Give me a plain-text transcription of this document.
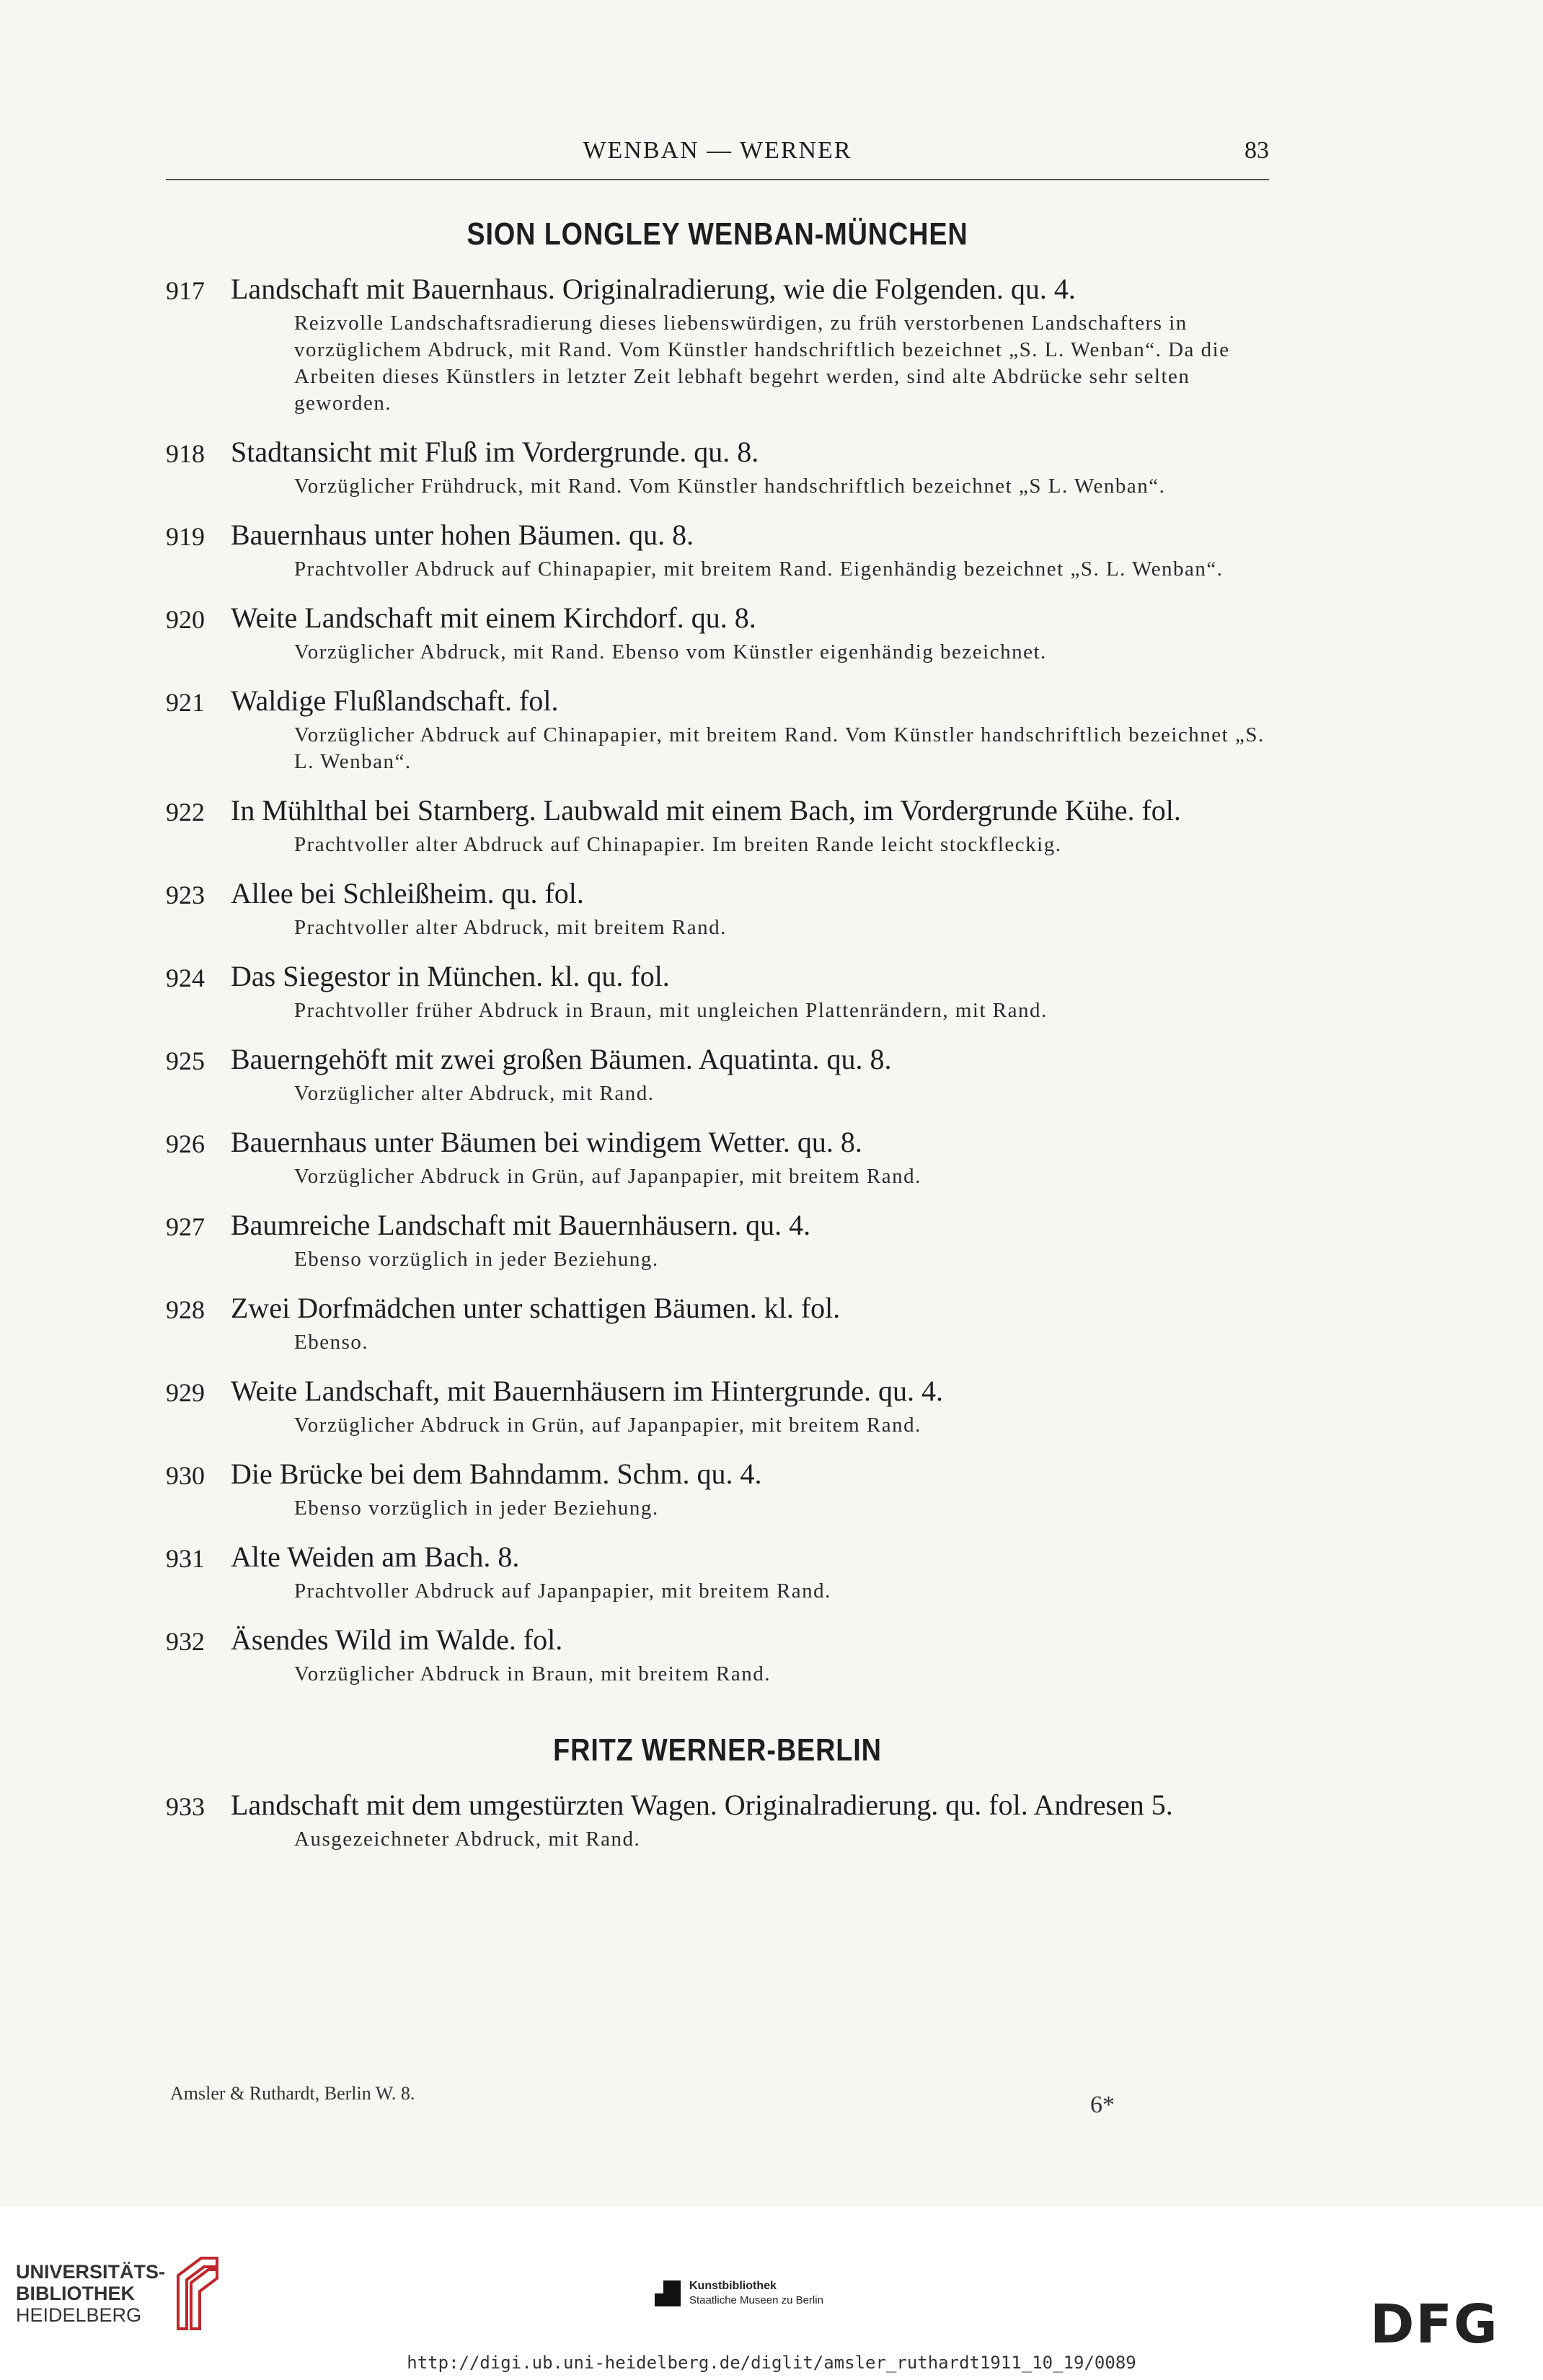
WENBAN — WERNER	83
SION LONGLEY WENBAN-MÜNCHEN
917 Landschaft mit Bauernhaus. Originalradierung, wie die Folgenden. qu. 4.
Reizvolle Landschaftsradierung dieses liebenswürdigen, zu früh verstorbenen Landschafters in vorzüglichem Abdruck, mit Rand. Vom Künstler handschriftlich bezeichnet „S. L. Wenban“. Da die Arbeiten dieses Künstlers in letzter Zeit lebhaft begehrt werden, sind alte Abdrücke sehr selten geworden.
918 Stadtansicht mit Fluß im Vordergrunde. qu. 8.
Vorzüglicher Frühdruck, mit Rand. Vom Künstler handschriftlich bezeichnet „S L. Wenban“.
919 Bauernhaus unter hohen Bäumen. qu. 8.
Prachtvoller Abdruck auf Chinapapier, mit breitem Rand. Eigenhändig bezeichnet „S. L. Wenban“.
920 Weite Landschaft mit einem Kirchdorf. qu. 8.
Vorzüglicher Abdruck, mit Rand. Ebenso vom Künstler eigenhändig bezeichnet.
921 Waldige Flußlandschaft. fol.
Vorzüglicher Abdruck auf Chinapapier, mit breitem Rand. Vom Künstler handschriftlich bezeichnet „S. L. Wenban“.
922 In Mühlthal bei Starnberg. Laubwald mit einem Bach, im Vordergrunde Kühe. fol.
Prachtvoller alter Abdruck auf Chinapapier. Im breiten Rande leicht stockfleckig.
923 Allee bei Schleißheim. qu. fol.
Prachtvoller alter Abdruck, mit breitem Rand.
924 Das Siegestor in München. kl. qu. fol.
Prachtvoller früher Abdruck in Braun, mit ungleichen Plattenrändern, mit Rand.
925 Bauerngehöft mit zwei großen Bäumen. Aquatinta. qu. 8.
Vorzüglicher alter Abdruck, mit Rand.
926 Bauernhaus unter Bäumen bei windigem Wetter. qu. 8.
Vorzüglicher Abdruck in Grün, auf Japanpapier, mit breitem Rand.
927 Baumreiche Landschaft mit Bauernhäusern. qu. 4.
Ebenso vorzüglich in jeder Beziehung.
928 Zwei Dorfmädchen unter schattigen Bäumen. kl. fol.
Ebenso.
929 Weite Landschaft, mit Bauernhäusern im Hintergrunde. qu. 4.
Vorzüglicher Abdruck in Grün, auf Japanpapier, mit breitem Rand.
930 Die Brücke bei dem Bahndamm. Schm. qu. 4.
Ebenso vorzüglich in jeder Beziehung.
931 Alte Weiden am Bach. 8.
Prachtvoller Abdruck auf Japanpapier, mit breitem Rand.
932 Äsendes Wild im Walde. fol.
Vorzüglicher Abdruck in Braun, mit breitem Rand.
FRITZ WERNER-BERLIN
933 Landschaft mit dem umgestürzten Wagen. Originalradierung. qu. fol. Andresen 5.
Ausgezeichneter Abdruck, mit Rand.
Amsler & Ruthardt, Berlin W. 8.	6*
UNIVERSITÄTS-
BIBLIOTHEK
HEIDELBERG
Kunstbibliothek
Staatliche Museen zu Berlin	DFG
http://digi.ub.uni-heidelberg.de/diglit/amsler_ruthardt1911_10_19/0089
